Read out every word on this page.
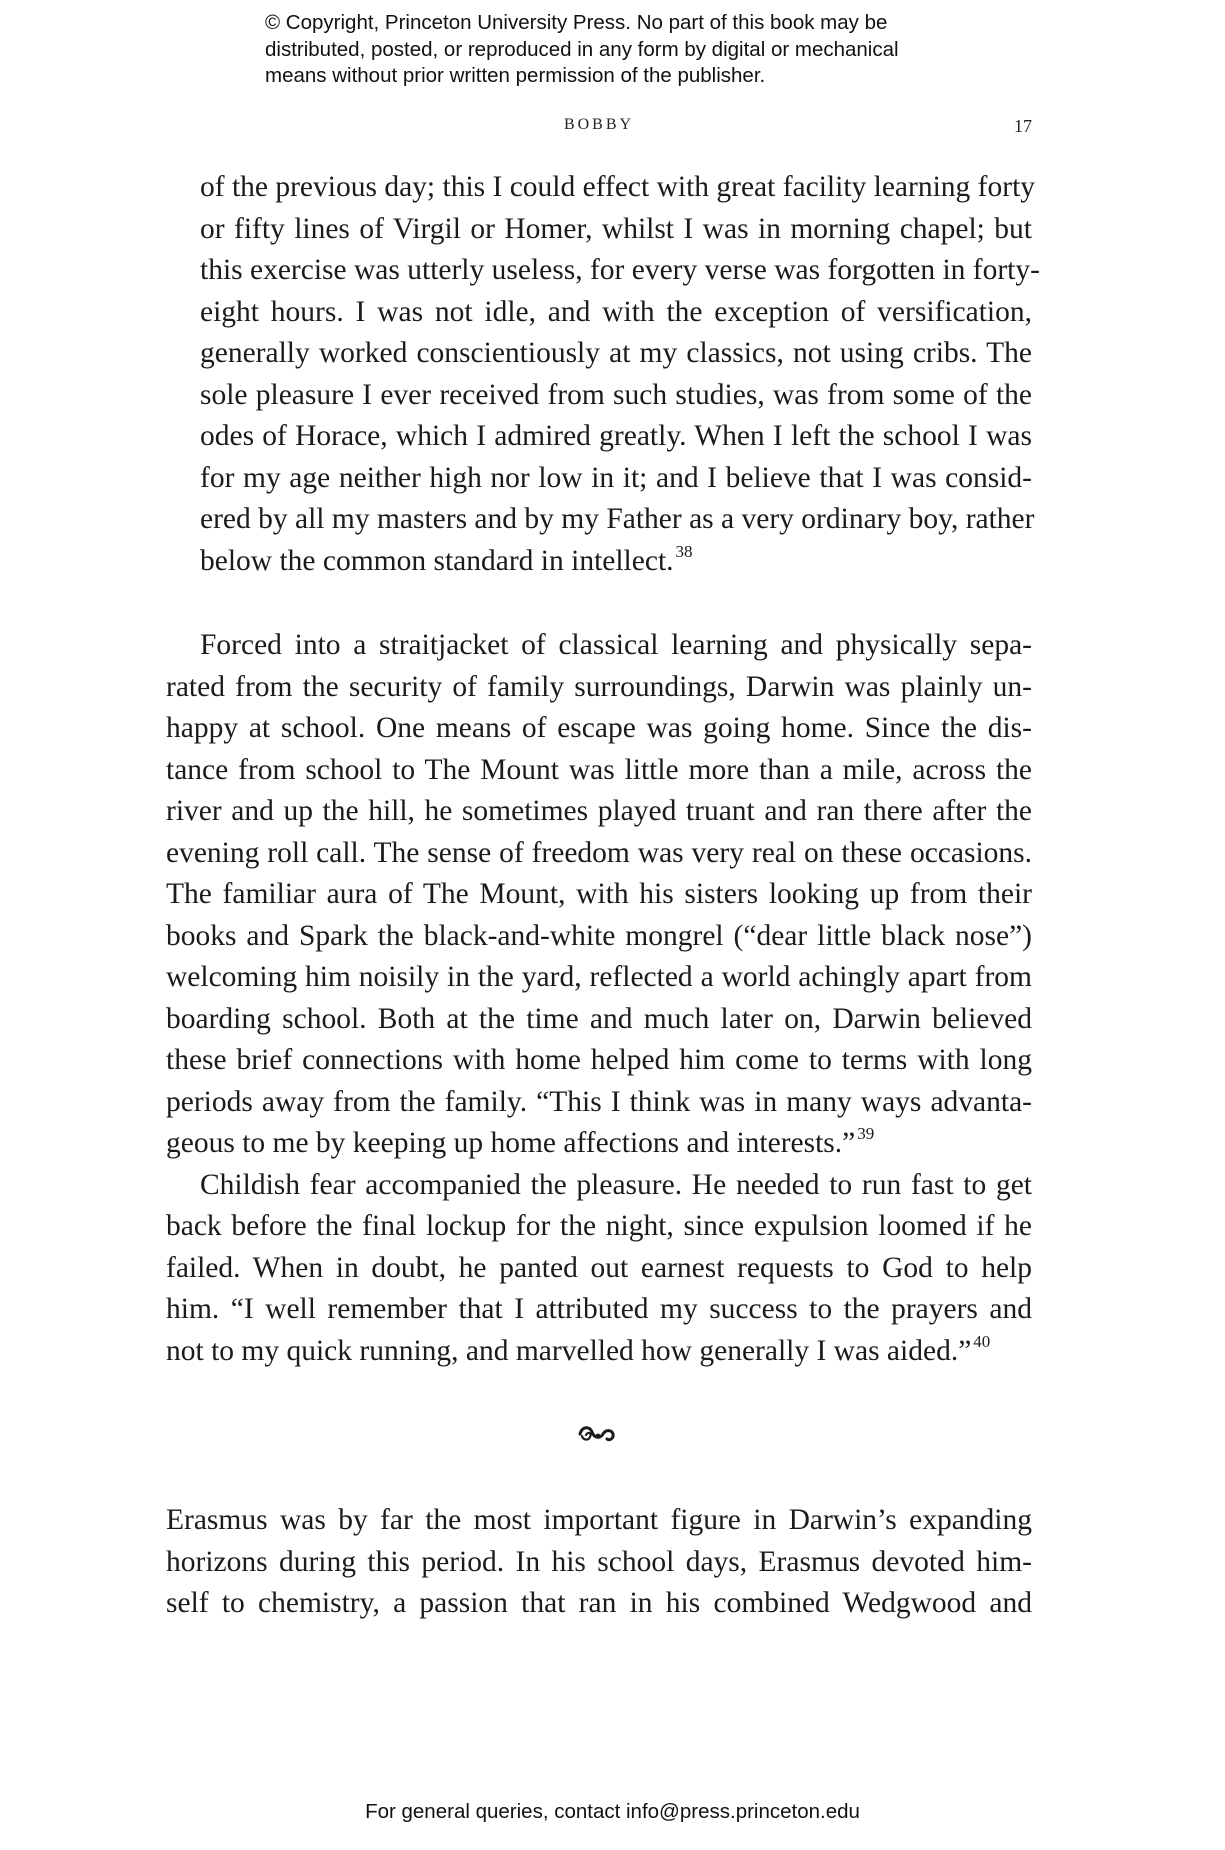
© Copyright, Princeton University Press. No part of this book may be
distributed, posted, or reproduced in any form by digital or mechanical
means without prior written permission of the publisher.
BOBBY	17
of the previous day; this I could effect with great facility learning forty
or fifty lines of Virgil or Homer, whilst I was in morning chapel; but
this exercise was utterly useless, for every verse was forgotten in forty-
eight hours. I was not idle, and with the exception of versification,
generally worked conscientiously at my classics, not using cribs. The
sole pleasure I ever received from such studies, was from some of the
odes of Horace, which I admired greatly. When I left the school I was
for my age neither high nor low in it; and I believe that I was consid-
ered by all my masters and by my Father as a very ordinary boy, rather
below the common standard in intellect. $^{38}$
Forced into a straitjacket of classical learning and physically sepa-
rated from the security of family surroundings, Darwin was plainly un-
happy at school. One means of escape was going home. Since the dis-
tance from school to The Mount was little more than a mile, across the
river and up the hill, he sometimes played truant and ran there after the
evening roll call. The sense of freedom was very real on these occasions.
The familiar aura of The Mount, with his sisters looking up from their
books and Spark the black-and-white mongrel (“dear little black nose”)
welcoming him noisily in the yard, reflected a world achingly apart from
boarding school. Both at the time and much later on, Darwin believed
these brief connections with home helped him come to terms with long
periods away from the family. “This I think was in many ways advanta-
geous to me by keeping up home affections and interests.” $^{39}$
Childish fear accompanied the pleasure. He needed to run fast to get
back before the final lockup for the night, since expulsion loomed if he
failed. When in doubt, he panted out earnest requests to God to help
him. “I well remember that I attributed my success to the prayers and
not to my quick running, and marvelled how generally I was aided.” $^{40}$
Erasmus was by far the most important figure in Darwin’s expanding
horizons during this period. In his school days, Erasmus devoted him-
self to chemistry, a passion that ran in his combined Wedgwood and
For general queries, contact info@press.princeton.edu
